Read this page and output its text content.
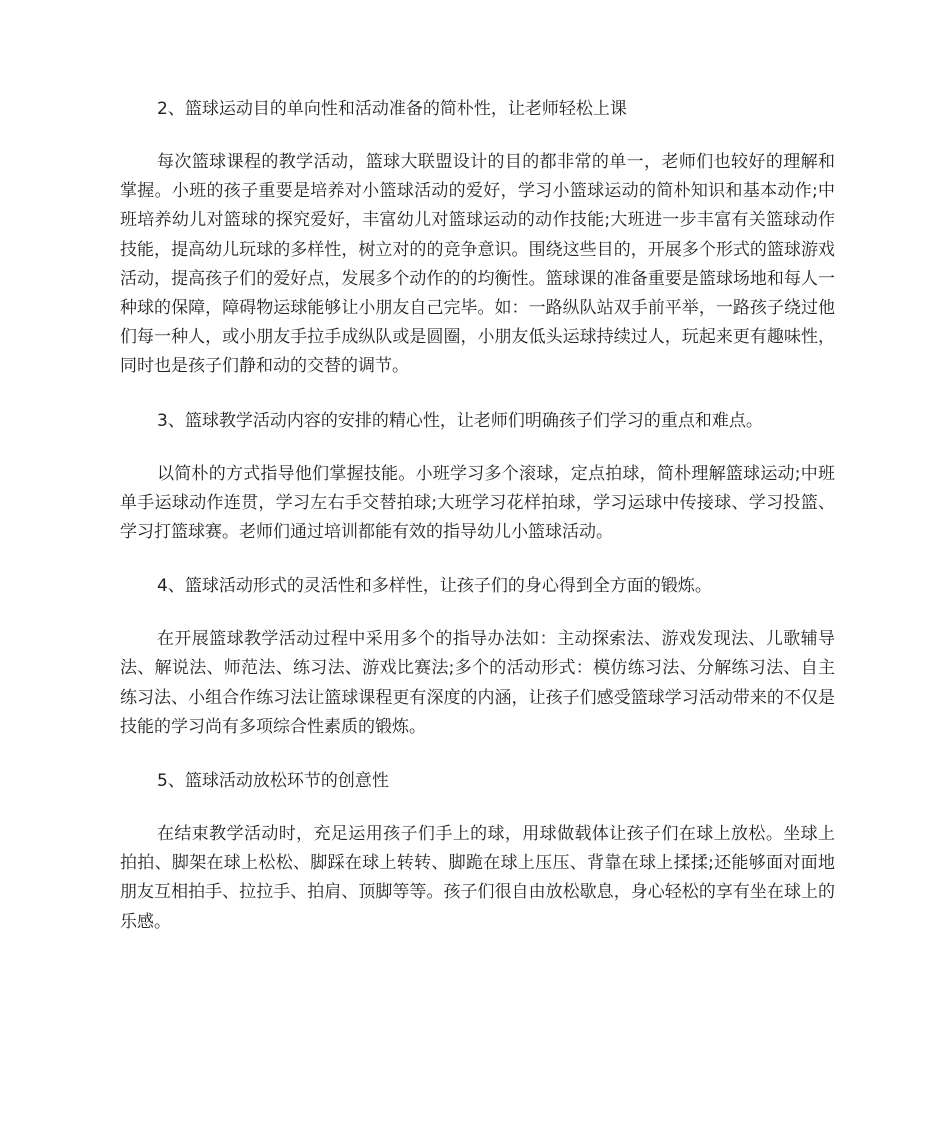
2、篮球运动目的单向性和活动准备的简朴性，让老师轻松上课

每次篮球课程的教学活动，篮球大联盟设计的目的都非常的单一，老师们也较好的理解和掌握。小班的孩子重要是培养对小篮球活动的爱好，学习小篮球运动的简朴知识和基本动作;中班培养幼儿对篮球的探究爱好，丰富幼儿对篮球运动的动作技能;大班进一步丰富有关篮球动作技能，提高幼儿玩球的多样性，树立对的的竞争意识。围绕这些目的，开展多个形式的篮球游戏活动，提高孩子们的爱好点，发展多个动作的的均衡性。篮球课的准备重要是篮球场地和每人一种球的保障，障碍物运球能够让小朋友自己完毕。如：一路纵队站双手前平举，一路孩子绕过他们每一种人，或小朋友手拉手成纵队或是圆圈，小朋友低头运球持续过人，玩起来更有趣味性，同时也是孩子们静和动的交替的调节。

3、篮球教学活动内容的安排的精心性，让老师们明确孩子们学习的重点和难点。

以简朴的方式指导他们掌握技能。小班学习多个滚球，定点拍球，简朴理解篮球运动;中班单手运球动作连贯，学习左右手交替拍球;大班学习花样拍球，学习运球中传接球、学习投篮、学习打篮球赛。老师们通过培训都能有效的指导幼儿小篮球活动。

4、篮球活动形式的灵活性和多样性，让孩子们的身心得到全方面的锻炼。

在开展篮球教学活动过程中采用多个的指导办法如：主动探索法、游戏发现法、儿歌辅导法、解说法、师范法、练习法、游戏比赛法;多个的活动形式：模仿练习法、分解练习法、自主练习法、小组合作练习法让篮球课程更有深度的内涵，让孩子们感受篮球学习活动带来的不仅是技能的学习尚有多项综合性素质的锻炼。

5、篮球活动放松环节的创意性

在结束教学活动时，充足运用孩子们手上的球，用球做载体让孩子们在球上放松。坐球上拍拍、脚架在球上松松、脚踩在球上转转、脚跪在球上压压、背靠在球上揉揉;还能够面对面地朋友互相拍手、拉拉手、拍肩、顶脚等等。孩子们很自由放松歇息，身心轻松的享有坐在球上的乐感。
